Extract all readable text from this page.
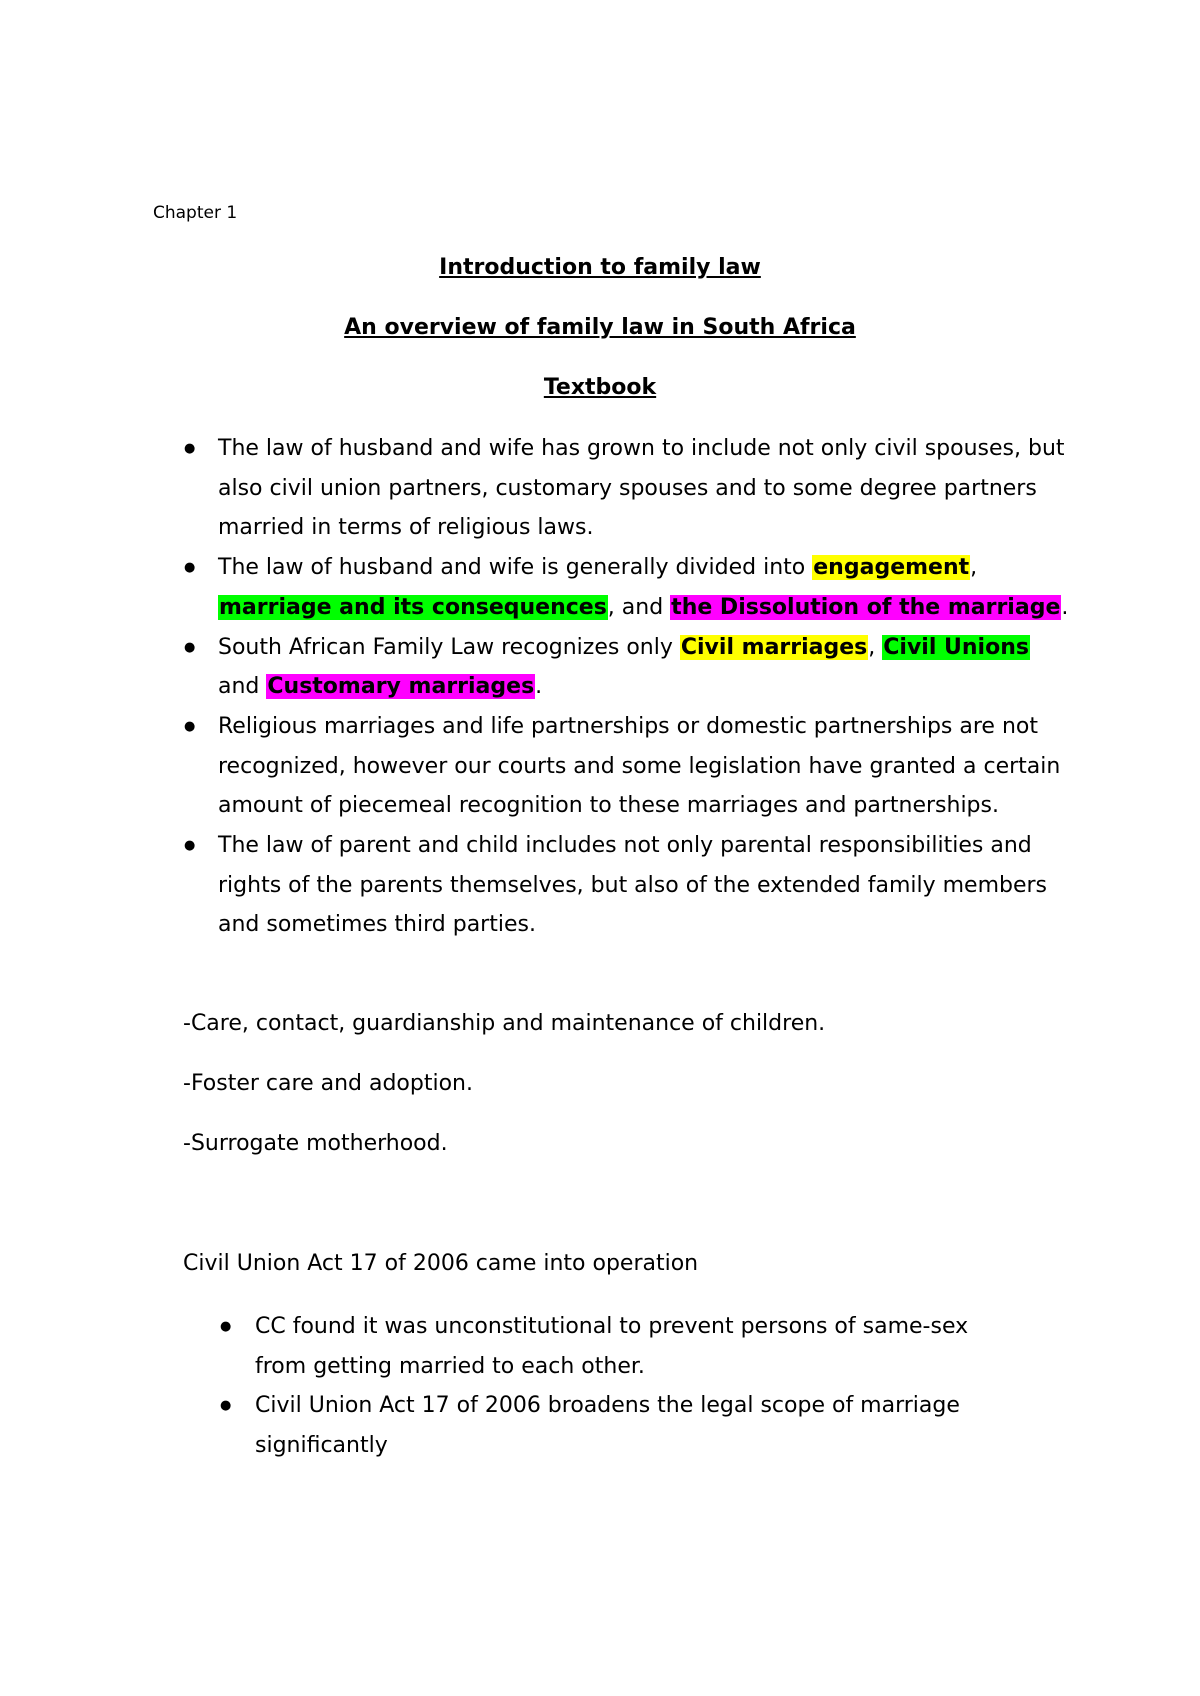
Chapter 1
Introduction to family law
An overview of family law in South Africa
Textbook
● The law of husband and wife has grown to include not only civil spouses, but also civil union partners, customary spouses and to some degree partners married in terms of religious laws.
● The law of husband and wife is generally divided into engagement, marriage and its consequences, and the Dissolution of the marriage.
● South African Family Law recognizes only Civil marriages, Civil Unions and Customary marriages.
● Religious marriages and life partnerships or domestic partnerships are not recognized, however our courts and some legislation have granted a certain amount of piecemeal recognition to these marriages and partnerships.
● The law of parent and child includes not only parental responsibilities and rights of the parents themselves, but also of the extended family members and sometimes third parties.
-Care, contact, guardianship and maintenance of children.
-Foster care and adoption.
-Surrogate motherhood.
Civil Union Act 17 of 2006 came into operation
● CC found it was unconstitutional to prevent persons of same-sex from getting married to each other.
● Civil Union Act 17 of 2006 broadens the legal scope of marriage significantly
